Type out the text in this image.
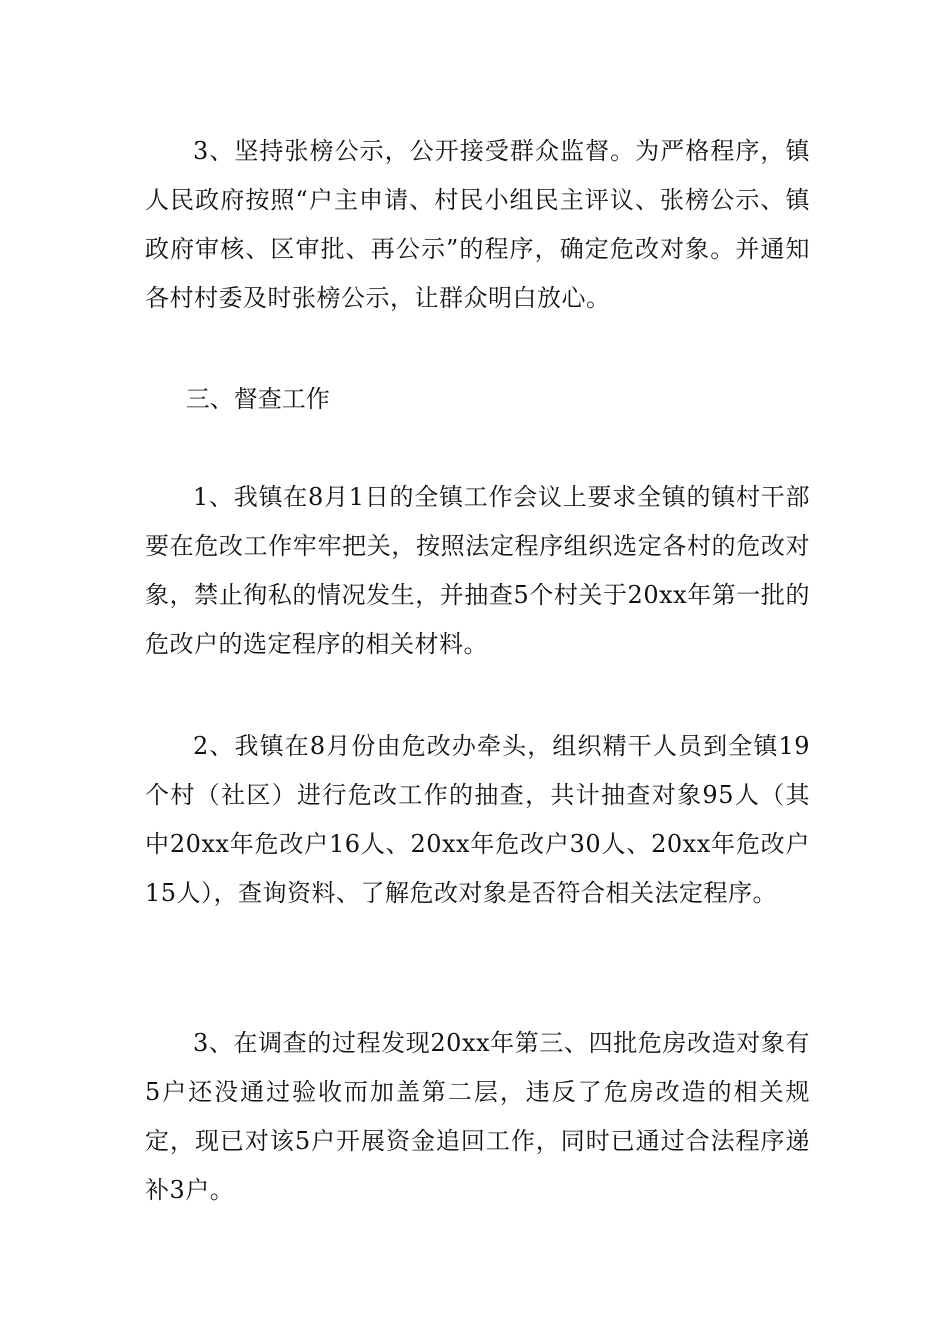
3、坚持张榜公示，公开接受群众监督。为严格程序，镇人民政府按照“户主申请、村民小组民主评议、张榜公示、镇政府审核、区审批、再公示”的程序，确定危改对象。并通知各村村委及时张榜公示，让群众明白放心。

三、督查工作

1、我镇在8月1日的全镇工作会议上要求全镇的镇村干部要在危改工作牢牢把关，按照法定程序组织选定各村的危改对象，禁止徇私的情况发生，并抽查5个村关于20xx年第一批的危改户的选定程序的相关材料。

2、我镇在8月份由危改办牵头，组织精干人员到全镇19个村（社区）进行危改工作的抽查，共计抽查对象95人（其中20xx年危改户16人、20xx年危改户30人、20xx年危改户15人），查询资料、了解危改对象是否符合相关法定程序。

3、在调查的过程发现20xx年第三、四批危房改造对象有5户还没通过验收而加盖第二层，违反了危房改造的相关规定，现已对该5户开展资金追回工作，同时已通过合法程序递补3户。
